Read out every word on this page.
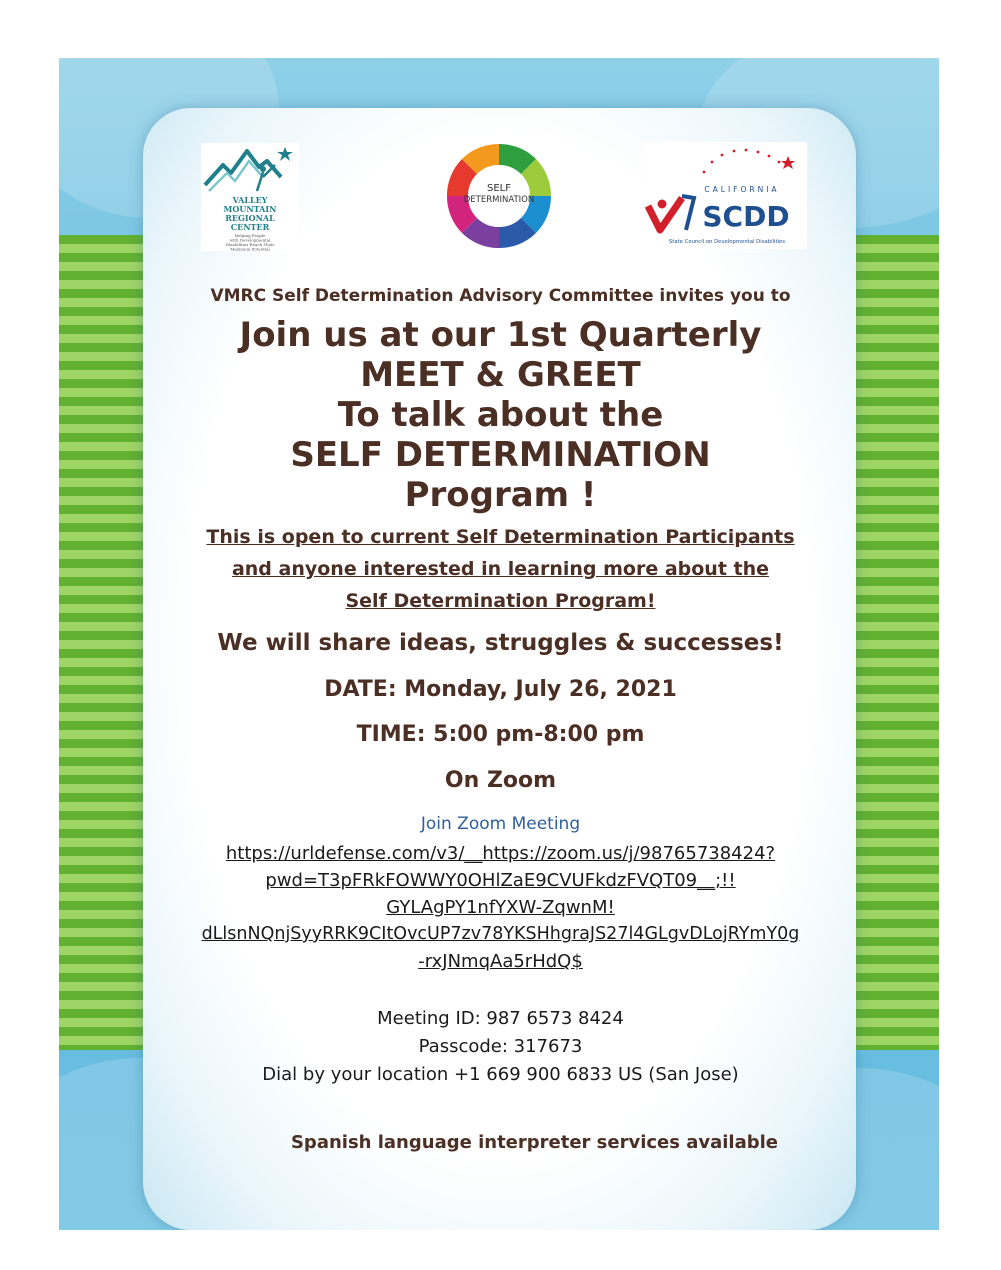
VALLEY
MOUNTAIN
REGIONAL
CENTER
Helping People
with Developmental
Disabilities Reach Their
Maximum Potential
SELF
DETERMINATION
CALIFORNIA
SCDD
State Council on Developmental Disabilities
VMRC Self Determination Advisory Committee invites you to
Join us at our 1st Quarterly
MEET & GREET
To talk about the
SELF DETERMINATION
Program !
This is open to current Self Determination Participants
and anyone interested in learning more about the
Self Determination Program!
We will share ideas, struggles & successes!
DATE: Monday, July 26, 2021
TIME: 5:00 pm-8:00 pm
On Zoom
Join Zoom Meeting
https://urldefense.com/v3/__https://zoom.us/j/98765738424?
pwd=T3pFRkFOWWY0OHlZaE9CVUFkdzFVQT09__;!!
GYLAgPY1nfYXW-ZqwnM!
dLlsnNQnjSyyRRK9CItOvcUP7zv78YKSHhgraJS27l4GLgvDLojRYmY0g
-rxJNmqAa5rHdQ$
Meeting ID: 987 6573 8424
Passcode: 317673
Dial by your location +1 669 900 6833 US (San Jose)
Spanish language interpreter services available
